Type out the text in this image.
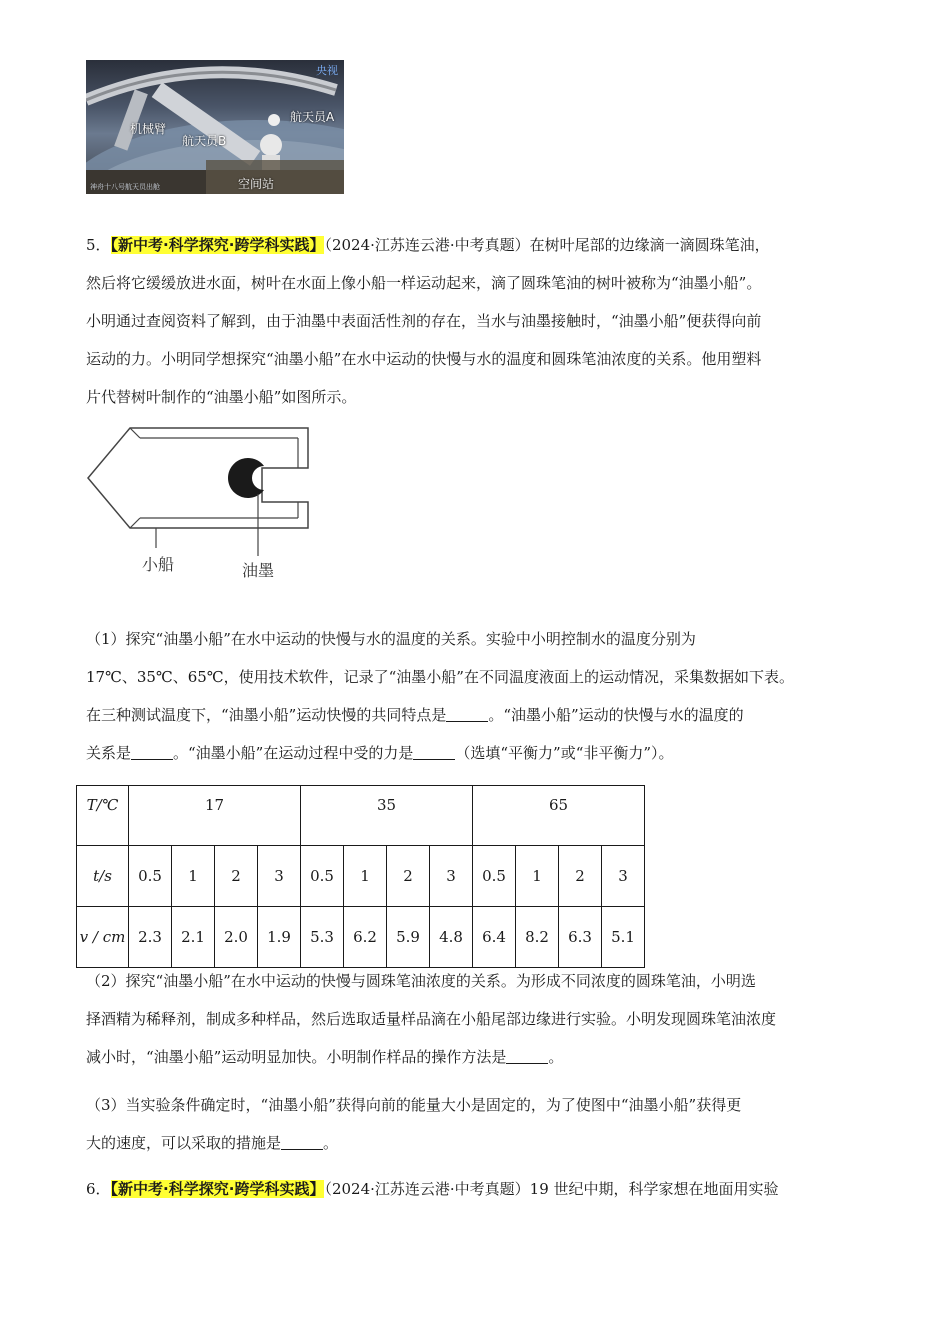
央视
机械臂
航天员A
航天员B
空间站
神舟十八号航天员出舱
5．【新中考·科学探究·跨学科实践】（2024·江苏连云港·中考真题）在树叶尾部的边缘滴一滴圆珠笔油，
然后将它缓缓放进水面，树叶在水面上像小船一样运动起来，滴了圆珠笔油的树叶被称为“油墨小船”。
小明通过查阅资料了解到，由于油墨中表面活性剂的存在，当水与油墨接触时，“油墨小船”便获得向前
运动的力。小明同学想探究“油墨小船”在水中运动的快慢与水的温度和圆珠笔油浓度的关系。他用塑料
片代替树叶制作的“油墨小船”如图所示。
小船	油墨
（1）探究“油墨小船”在水中运动的快慢与水的温度的关系。实验中小明控制水的温度分别为
17℃、35℃、65℃，使用技术软件，记录了“油墨小船”在不同温度液面上的运动情况，采集数据如下表。
在三种测试温度下，“油墨小船”运动快慢的共同特点是	。“油墨小船”运动的快慢与水的温度的
关系是	。“油墨小船”在运动过程中受的力是	（选填“平衡力”或“非平衡力”）。
T/℃	17				35				65			
t/s	0.5	1	2	3	0.5	1	2	3	0.5	1	2	3
v / cm	2.3	2.1	2.0	1.9	5.3	6.2	5.9	4.8	6.4	8.2	6.3	5.1
（2）探究“油墨小船”在水中运动的快慢与圆珠笔油浓度的关系。为形成不同浓度的圆珠笔油，小明选
择酒精为稀释剂，制成多种样品，然后选取适量样品滴在小船尾部边缘进行实验。小明发现圆珠笔油浓度
减小时，“油墨小船”运动明显加快。小明制作样品的操作方法是	。
（3）当实验条件确定时，“油墨小船”获得向前的能量大小是固定的，为了使图中“油墨小船”获得更
大的速度，可以采取的措施是	。
6．【新中考·科学探究·跨学科实践】（2024·江苏连云港·中考真题）19 世纪中期，科学家想在地面用实验
